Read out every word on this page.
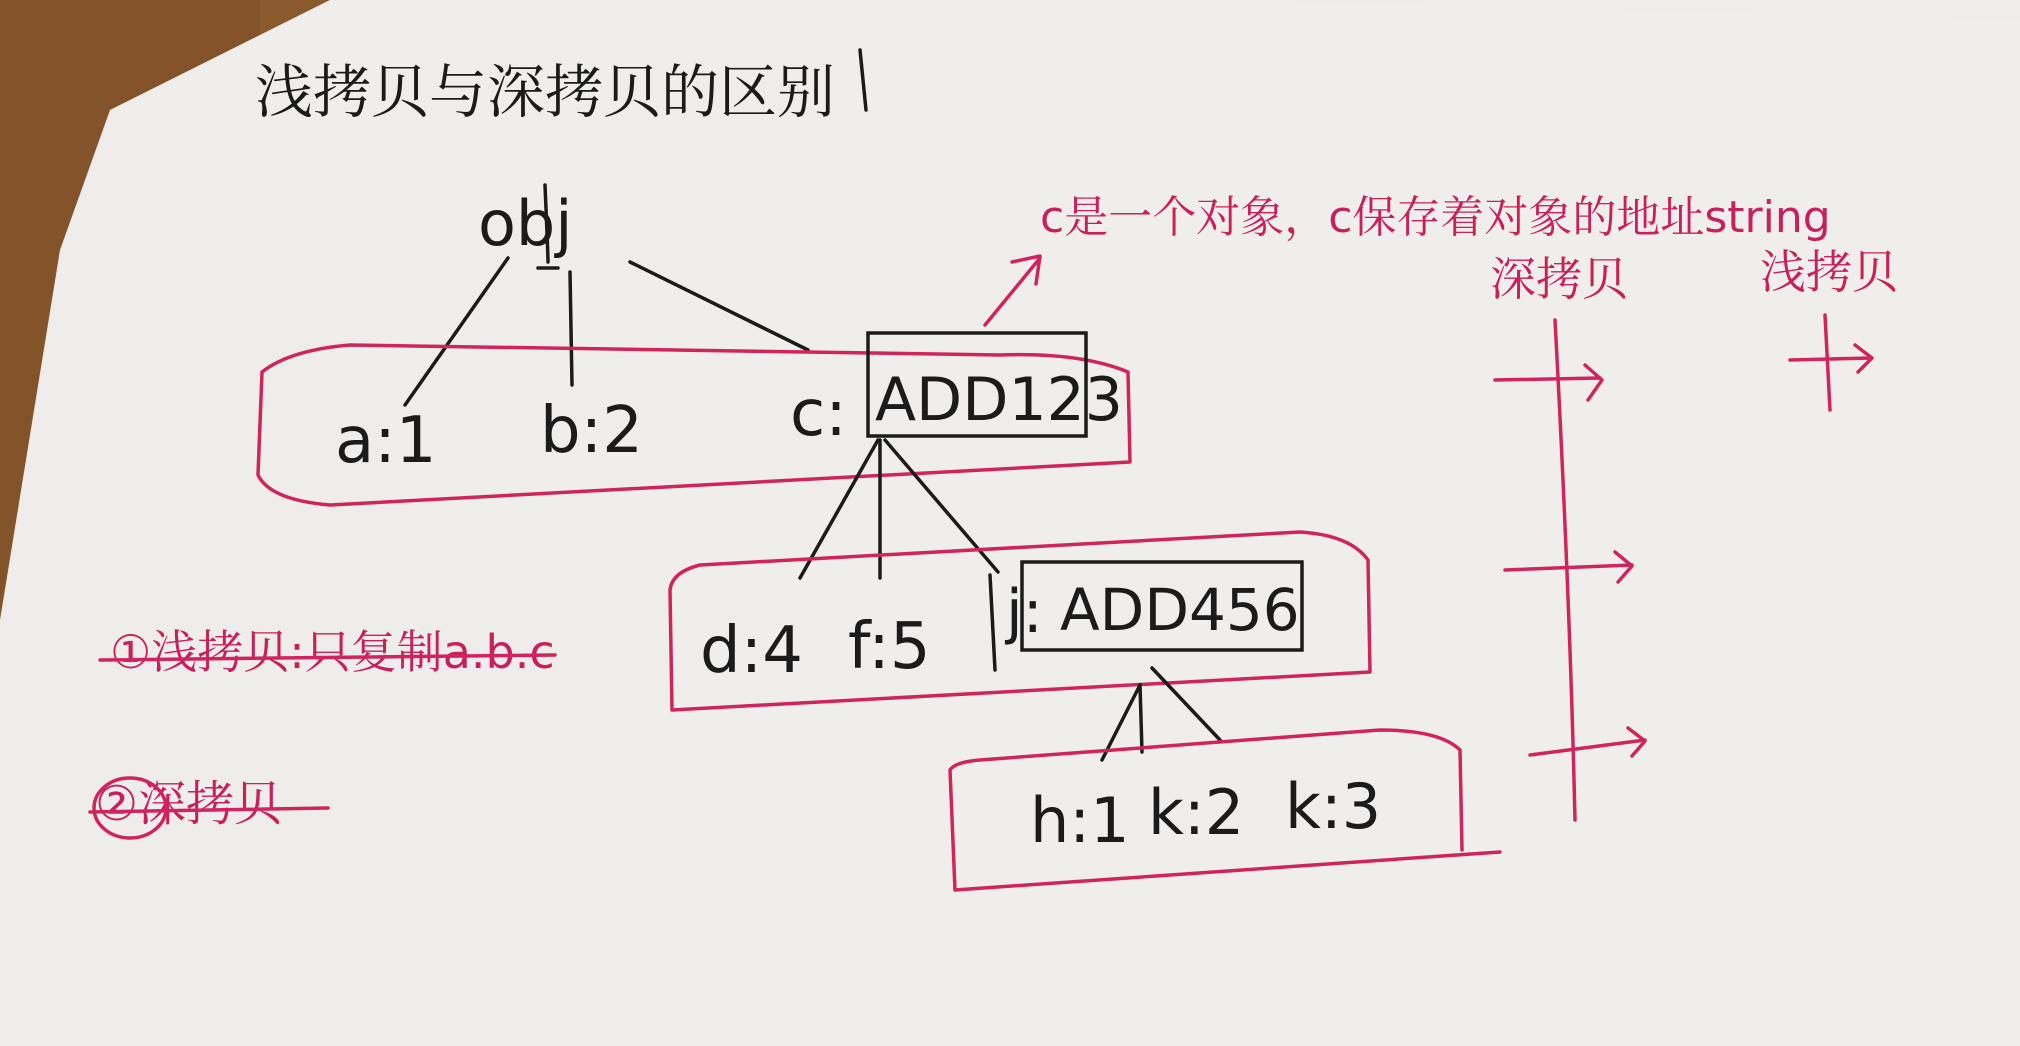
浅拷贝与深拷贝的区别
obj
a:1 b:2 c: ADD123
c是一个对象，c保存着对象的地址string
d:4 f:5 j: ADD456
h:1 k:2 k:3
①浅拷贝:只复制a.b.c
②深拷贝
深拷贝	浅拷贝
